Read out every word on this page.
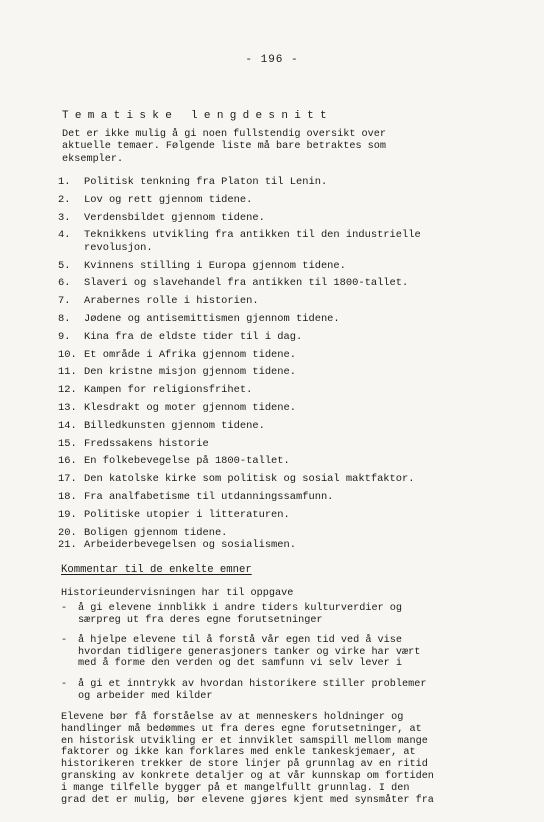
- 196 -
Tematiske lengdesnitt
Det er ikke mulig å gi noen fullstendig oversikt over
aktuelle temaer. Følgende liste må bare betraktes som
eksempler.
1.	Politisk tenkning fra Platon til Lenin.
2.	Lov og rett gjennom tidene.
3.	Verdensbildet gjennom tidene.
4.	Teknikkens utvikling fra antikken til den industrielle
revolusjon.
5.	Kvinnens stilling i Europa gjennom tidene.
6.	Slaveri og slavehandel fra antikken til 1800-tallet.
7.	Arabernes rolle i historien.
8.	Jødene og antisemittismen gjennom tidene.
9.	Kina fra de eldste tider til i dag.
10. Et område i Afrika gjennom tidene.
11. Den kristne misjon gjennom tidene.
12. Kampen for religionsfrihet.
13. Klesdrakt og moter gjennom tidene.
14. Billedkunsten gjennom tidene.
15. Fredssakens historie
16. En folkebevegelse på 1800-tallet.
17. Den katolske kirke som politisk og sosial maktfaktor.
18. Fra analfabetisme til utdanningssamfunn.
19. Politiske utopier i litteraturen.
20. Boligen gjennom tidene.
21. Arbeiderbevegelsen og sosialismen.
Kommentar til de enkelte emner
Historieundervisningen har til oppgave
-	å gi elevene innblikk i andre tiders kulturverdier og
særpreg ut fra deres egne forutsetninger
-	å hjelpe elevene til å forstå vår egen tid ved å vise
hvordan tidligere generasjoners tanker og virke har vært
med å forme den verden og det samfunn vi selv lever i
-	å gi et inntrykk av hvordan historikere stiller problemer
og arbeider med kilder
Elevene bør få forståelse av at menneskers holdninger og
handlinger må bedømmes ut fra deres egne forutsetninger, at
en historisk utvikling er et innviklet samspill mellom mange
faktorer og ikke kan forklares med enkle tankeskjemaer, at
historikeren trekker de store linjer på grunnlag av en ritid
gransking av konkrete detaljer og at vår kunnskap om fortiden
i mange tilfelle bygger på et mangelfullt grunnlag. I den
grad det er mulig, bør elevene gjøres kjent med synsmåter fra
